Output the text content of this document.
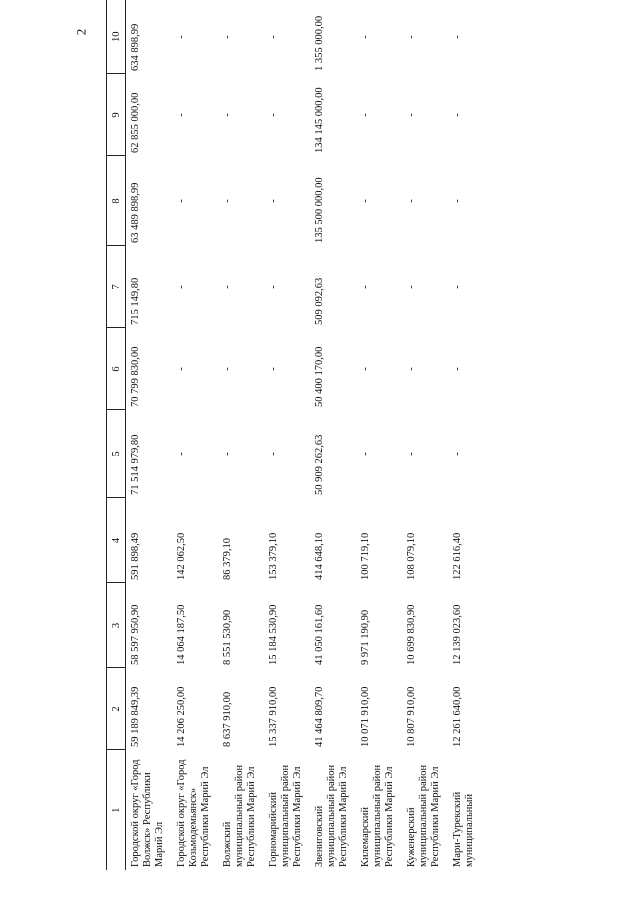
2
1	2	3	4	5	6	7	8	9	10
Городской округ «Город Волжск» Республики Марий Эл	59 189 849,39	58 597 950,90	591 898,49	71 514 979,80	70 799 830,00	715 149,80	63 489 898,99	62 855 000,00	634 898,99
Городской округ «Город Козьмодемьянск» Республики Марий Эл	14 206 250,00	14 064 187,50	142 062,50	-	-	-	-	-	-
Волжский муниципальный район Республики Марий Эл	8 637 910,00	8 551 530,90	86 379,10	-	-	-	-	-	-
Горномарийский муниципальный район Республики Марий Эл	15 337 910,00	15 184 530,90	153 379,10	-	-	-	-	-	-
Звениговский муниципальный район Республики Марий Эл	41 464 809,70	41 050 161,60	414 648,10	50 909 262,63	50 400 170,00	509 092,63	135 500 000,00	134 145 000,00	1 355 000,00
Килемарский муниципальный район Республики Марий Эл	10 071 910,00	9 971 190,90	100 719,10	-	-	-	-	-	-
Куженерский муниципальный район Республики Марий Эл	10 807 910,00	10 699 830,90	108 079,10	-	-	-	-	-	-
Мари-Турекский муниципальный	12 261 640,00	12 139 023,60	122 616,40	-	-	-	-	-	-
